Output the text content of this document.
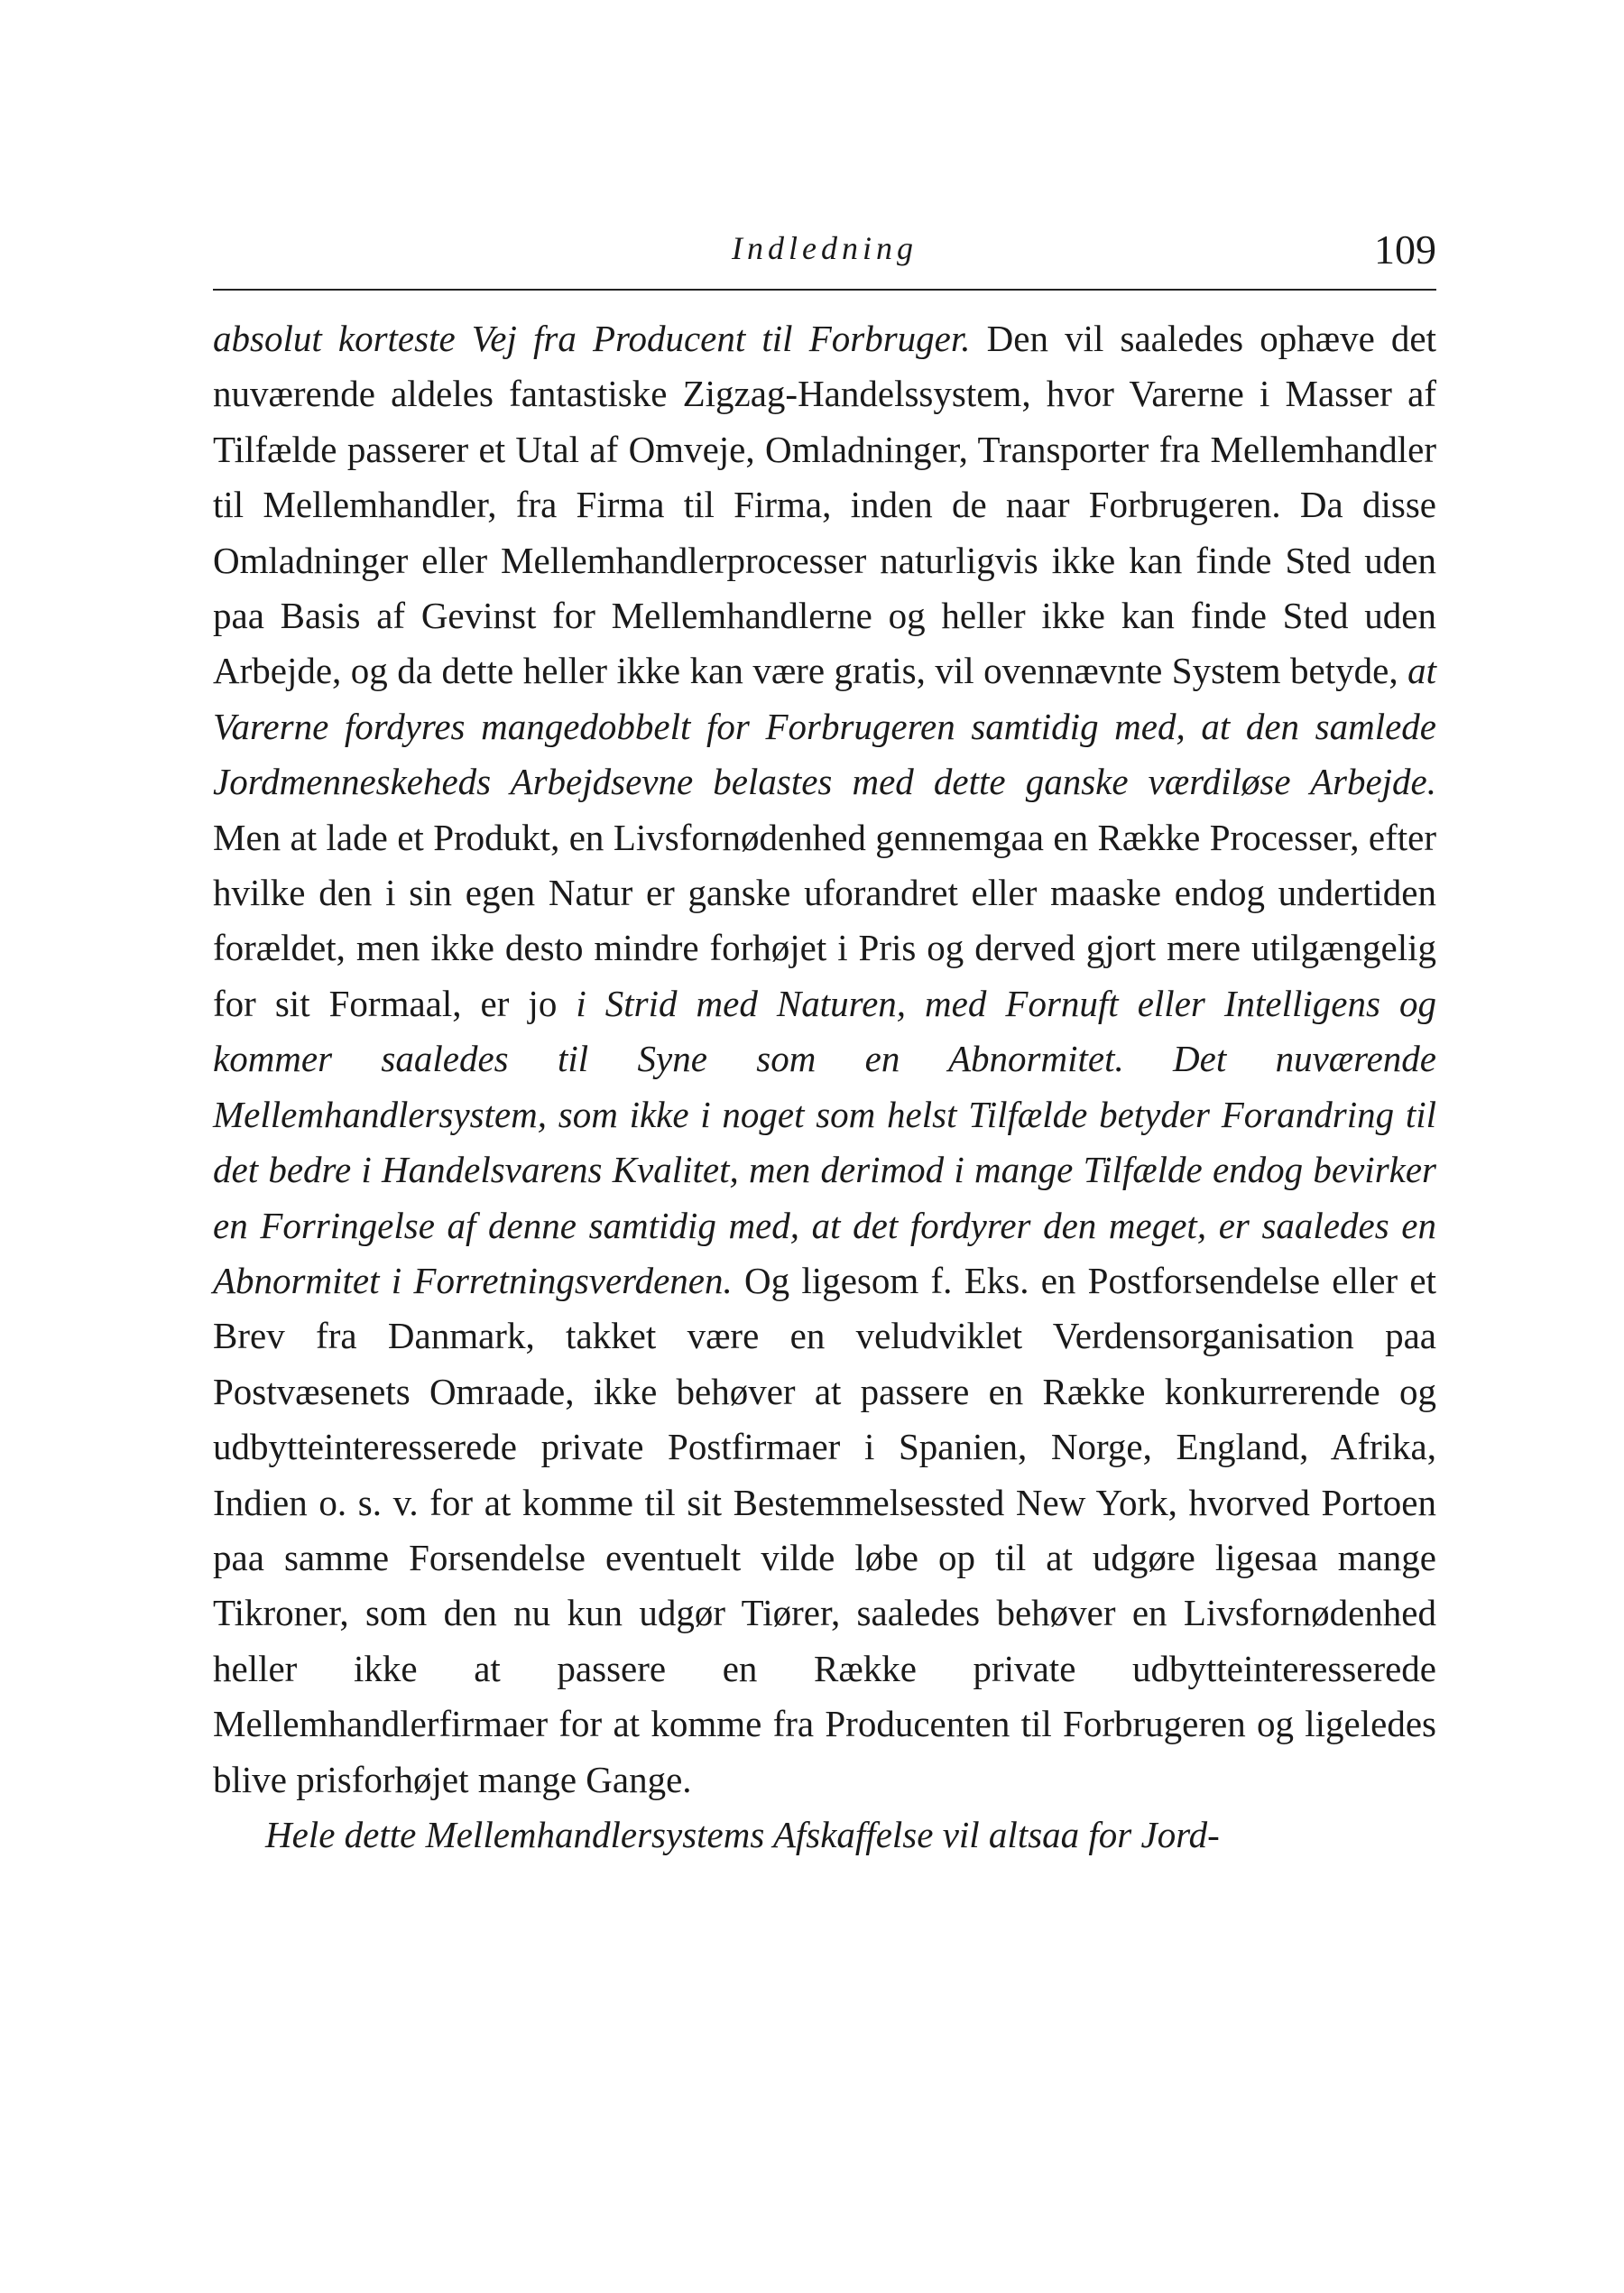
Indledning	109

absolut korteste Vej fra Producent til Forbruger. Den vil saaledes ophæve det nuværende aldeles fantastiske Zigzag-Handelssystem, hvor Varerne i Masser af Tilfælde passerer et Utal af Omveje, Omladninger, Transporter fra Mellemhandler til Mellemhandler, fra Firma til Firma, inden de naar Forbrugeren. Da disse Omladninger eller Mellemhandlerprocesser naturligvis ikke kan finde Sted uden paa Basis af Gevinst for Mellemhandlerne og heller ikke kan finde Sted uden Arbejde, og da dette heller ikke kan være gratis, vil ovennævnte System betyde, at Varerne fordyres mangedobbelt for Forbrugeren samtidig med, at den samlede Jordmenneskeheds Arbejdsevne belastes med dette ganske værdiløse Arbejde. Men at lade et Produkt, en Livsfornødenhed gennemgaa en Række Processer, efter hvilke den i sin egen Natur er ganske uforandret eller maaske endog undertiden forældet, men ikke desto mindre forhøjet i Pris og derved gjort mere utilgængelig for sit Formaal, er jo i Strid med Naturen, med Fornuft eller Intelligens og kommer saaledes til Syne som en Abnormitet. Det nuværende Mellemhandlersystem, som ikke i noget som helst Tilfælde betyder Forandring til det bedre i Handelsvarens Kvalitet, men derimod i mange Tilfælde endog bevirker en Forringelse af denne samtidig med, at det fordyrer den meget, er saaledes en Abnormitet i Forretningsverdenen. Og ligesom f. Eks. en Postforsendelse eller et Brev fra Danmark, takket være en veludviklet Verdensorganisation paa Postvæsenets Omraade, ikke behøver at passere en Række konkurrerende og udbytteinteresserede private Postfirmaer i Spanien, Norge, England, Afrika, Indien o. s. v. for at komme til sit Bestemmelsessted New York, hvorved Portoen paa samme Forsendelse eventuelt vilde løbe op til at udgøre ligesaa mange Tikroner, som den nu kun udgør Tiører, saaledes behøver en Livsfornødenhed heller ikke at passere en Række private udbytteinteresserede Mellemhandlerfirmaer for at komme fra Producenten til Forbrugeren og ligeledes blive prisforhøjet mange Gange.

Hele dette Mellemhandlersystems Afskaffelse vil altsaa for Jord-
